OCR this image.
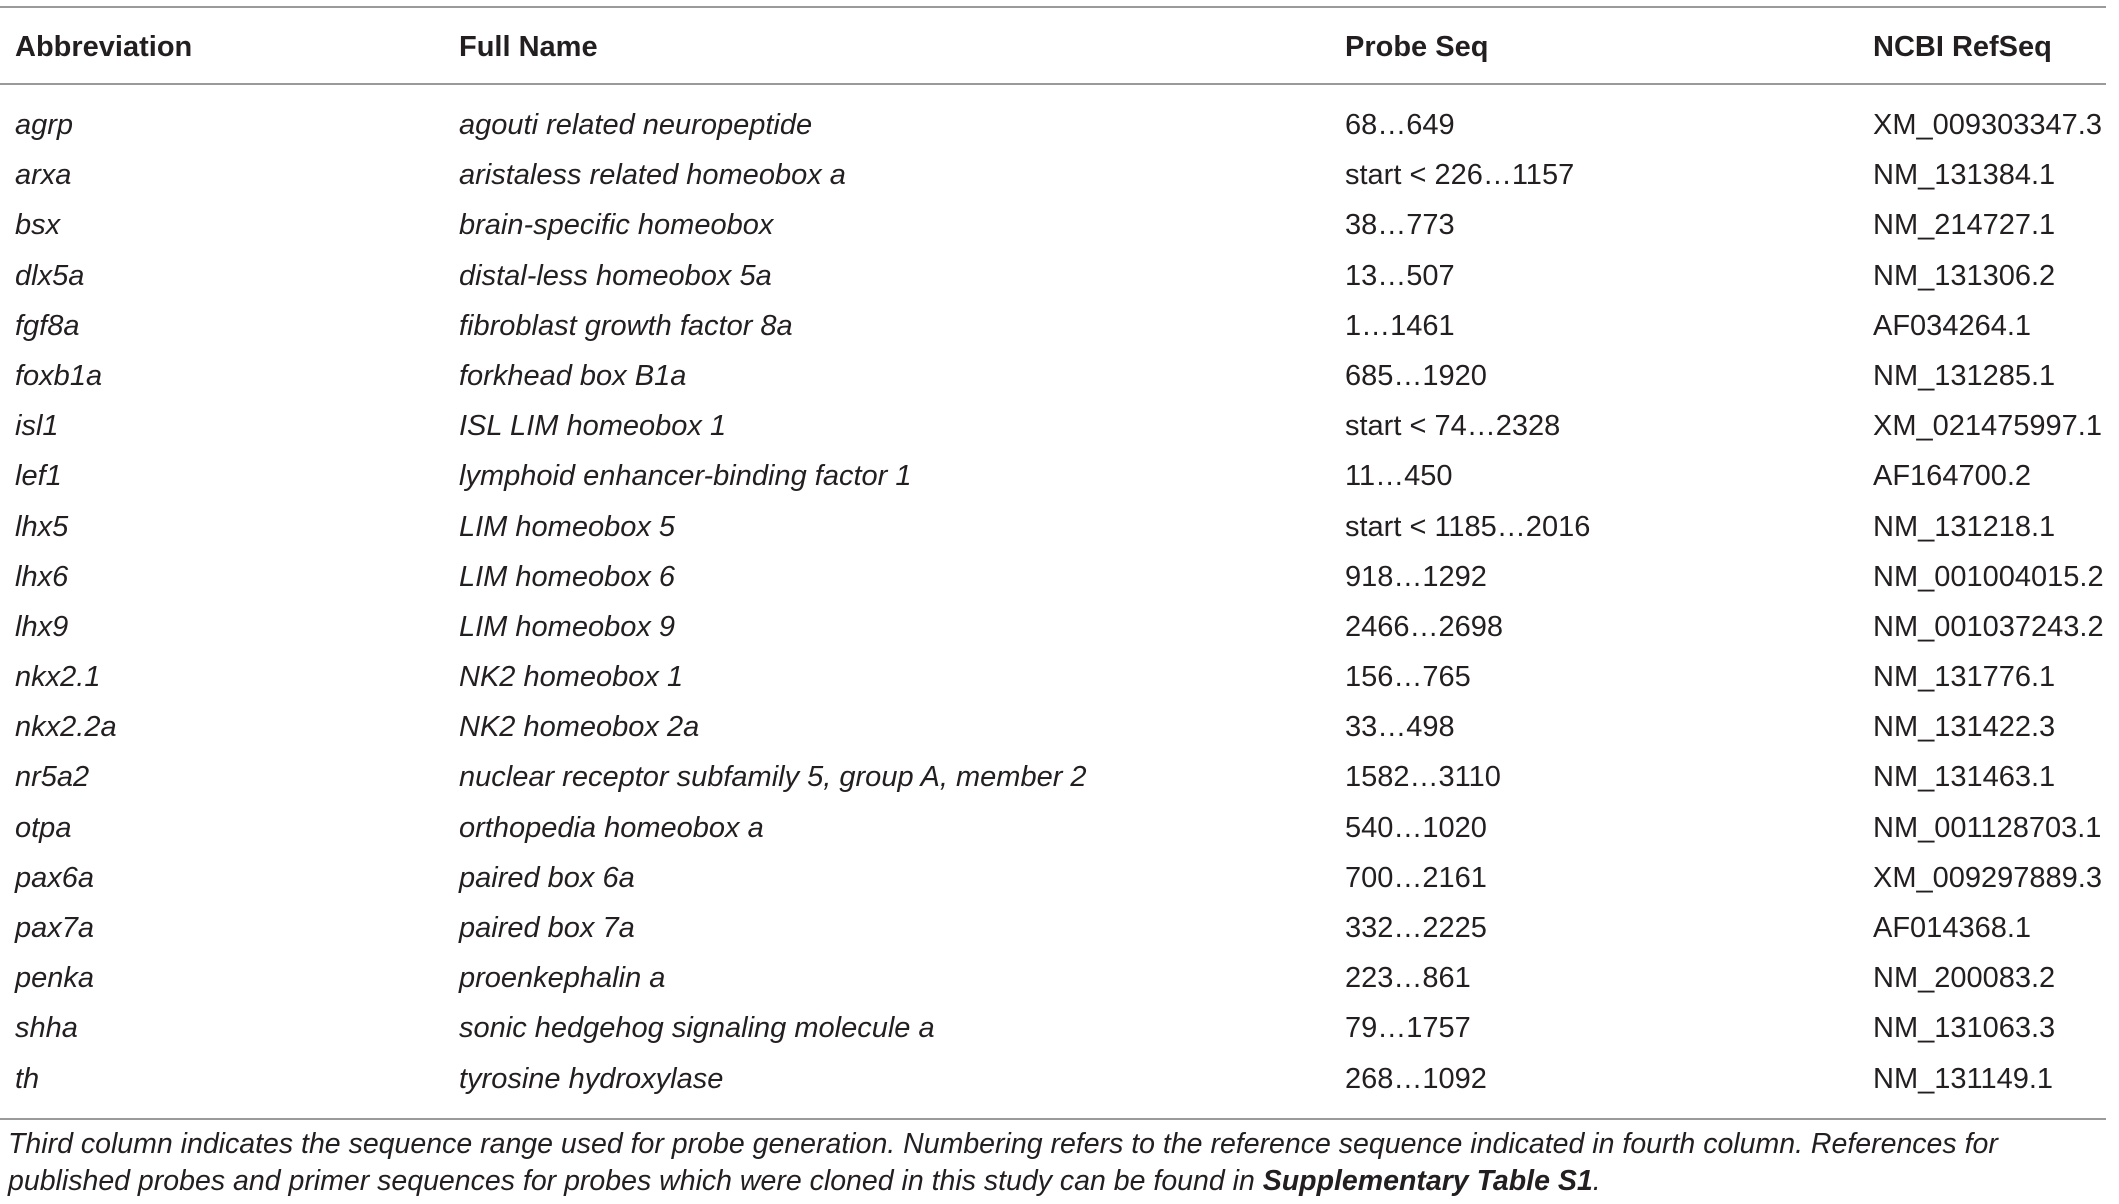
Abbreviation	Full Name	Probe Seq	NCBI RefSeq
agrp	agouti related neuropeptide	68…649	XM_009303347.3
arxa	aristaless related homeobox a	start < 226…1157	NM_131384.1
bsx	brain-specific homeobox	38…773	NM_214727.1
dlx5a	distal-less homeobox 5a	13…507	NM_131306.2
fgf8a	fibroblast growth factor 8a	1…1461	AF034264.1
foxb1a	forkhead box B1a	685…1920	NM_131285.1
isl1	ISL LIM homeobox 1	start < 74…2328	XM_021475997.1
lef1	lymphoid enhancer-binding factor 1	11…450	AF164700.2
lhx5	LIM homeobox 5	start < 1185…2016	NM_131218.1
lhx6	LIM homeobox 6	918…1292	NM_001004015.2
lhx9	LIM homeobox 9	2466…2698	NM_001037243.2
nkx2.1	NK2 homeobox 1	156…765	NM_131776.1
nkx2.2a	NK2 homeobox 2a	33…498	NM_131422.3
nr5a2	nuclear receptor subfamily 5, group A, member 2	1582…3110	NM_131463.1
otpa	orthopedia homeobox a	540…1020	NM_001128703.1
pax6a	paired box 6a	700…2161	XM_009297889.3
pax7a	paired box 7a	332…2225	AF014368.1
penka	proenkephalin a	223…861	NM_200083.2
shha	sonic hedgehog signaling molecule a	79…1757	NM_131063.3
th	tyrosine hydroxylase	268…1092	NM_131149.1
Third column indicates the sequence range used for probe generation. Numbering refers to the reference sequence indicated in fourth column. References for published probes and primer sequences for probes which were cloned in this study can be found in Supplementary Table S1.
